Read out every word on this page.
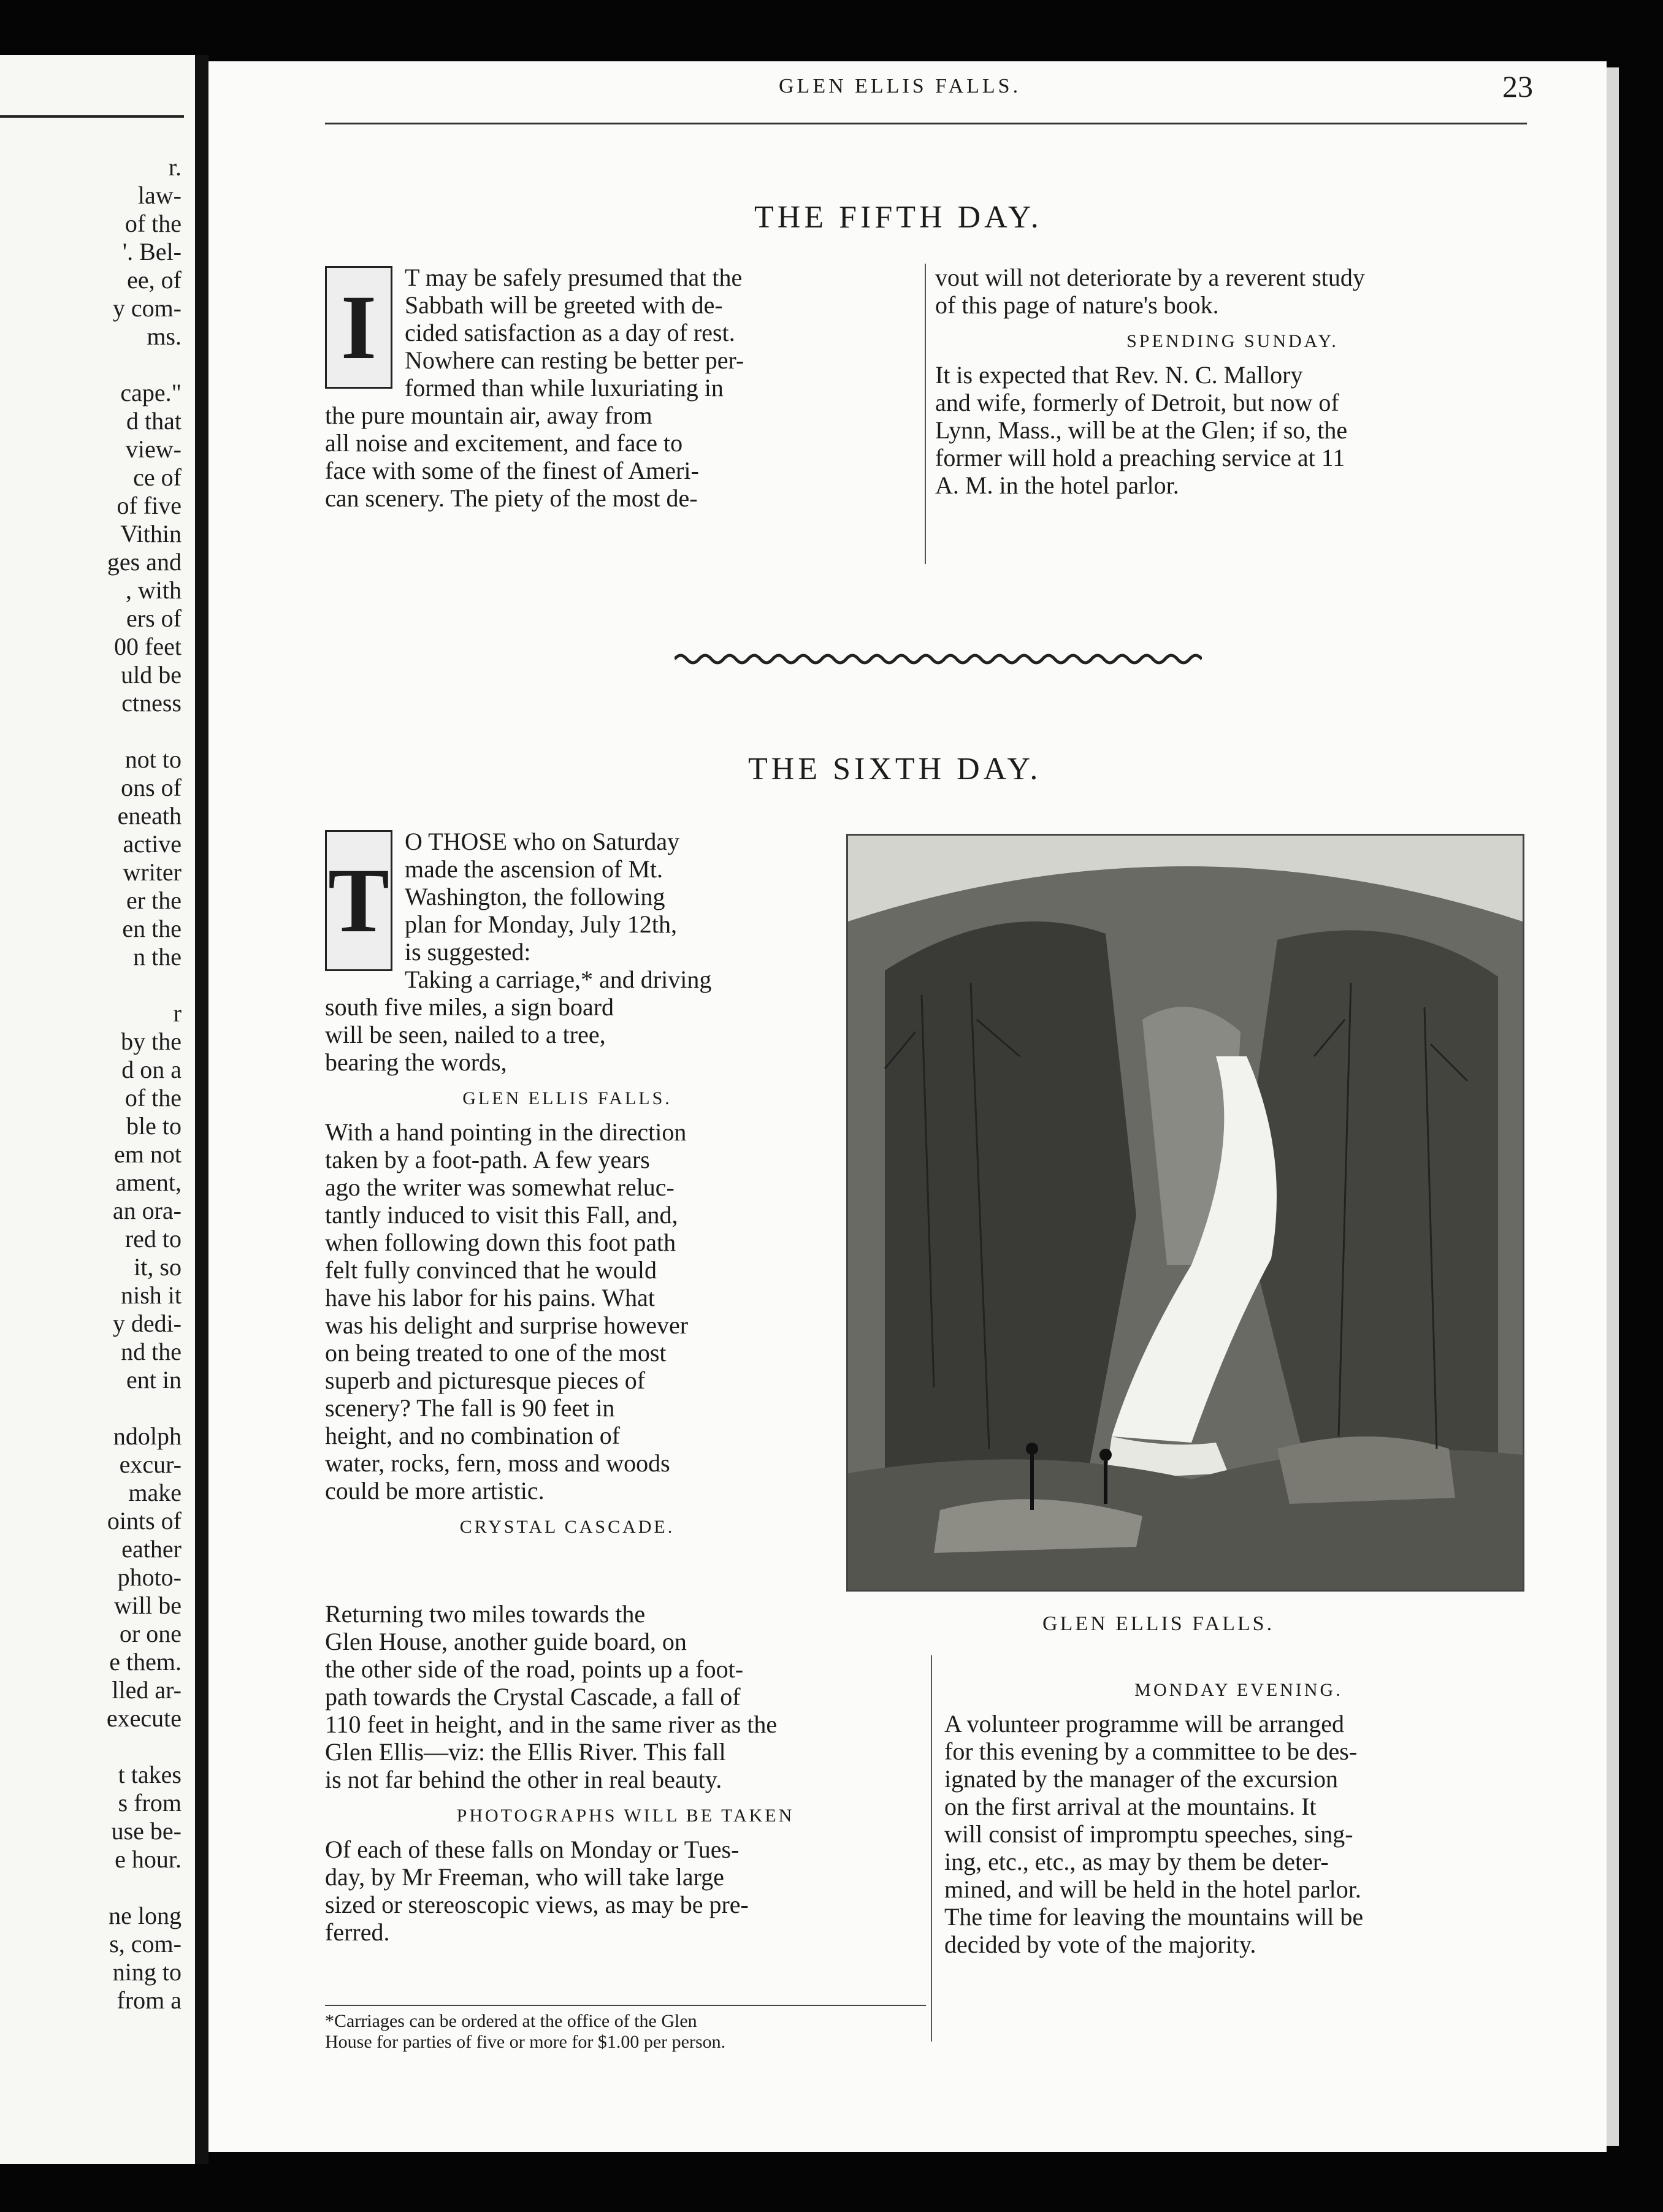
r.
law-
of the
'. Bel-
ee, of
y com-
ms.
cape."
d that
view-
ce of
of five
Vithin
ges and
, with
ers of
00 feet
uld be
ctness
not to
ons of
eneath
active
writer
er the
en the
n the
r
by the
d on a
of the
ble to
em not
ament,
an ora-
red to
it, so
nish it
y dedi-
nd the
ent in
ndolph
excur-
make
oints of
eather
photo-
will be
or one
e them.
lled ar-
execute
t takes
s from
use be-
e hour.
ne long
s, com-
ning to
from a
GLEN ELLIS FALLS.	23
THE FIFTH DAY.
I	T may be safely presumed that the
Sabbath will be greeted with de-
cided satisfaction as a day of rest.
Nowhere can resting be better per-
formed than while luxuriating in
the pure mountain air, away from
all noise and excitement, and face to
face with some of the finest of Ameri-
can scenery. The piety of the most de-
vout will not deteriorate by a reverent study
of this page of nature's book.
SPENDING SUNDAY.
It is expected that Rev. N. C. Mallory
and wife, formerly of Detroit, but now of
Lynn, Mass., will be at the Glen; if so, the
former will hold a preaching service at 11
A. M. in the hotel parlor.
THE SIXTH DAY.
T
O THOSE who on Saturday
made the ascension of Mt.
Washington, the following
plan for Monday, July 12th,
is suggested:
Taking a carriage,* and driving
south five miles, a sign board
will be seen, nailed to a tree,
bearing the words,
GLEN ELLIS FALLS.
With a hand pointing in the direction
taken by a foot-path. A few years
ago the writer was somewhat reluc-
tantly induced to visit this Fall, and,
when following down this foot path
felt fully convinced that he would
have his labor for his pains. What
was his delight and surprise however
on being treated to one of the most
superb and picturesque pieces of
scenery? The fall is 90 feet in
height, and no combination of
water, rocks, fern, moss and woods
could be more artistic.
CRYSTAL CASCADE.
Returning two miles towards the
Glen House, another guide board, on
the other side of the road, points up a foot-
path towards the Crystal Cascade, a fall of
110 feet in height, and in the same river as the
Glen Ellis—viz: the Ellis River. This fall
is not far behind the other in real beauty.
PHOTOGRAPHS WILL BE TAKEN
Of each of these falls on Monday or Tues-
day, by Mr Freeman, who will take large
sized or stereoscopic views, as may be pre-
ferred.
*Carriages can be ordered at the office of the Glen
House for parties of five or more for $1.00 per person.
GLEN ELLIS FALLS.
MONDAY EVENING.
A volunteer programme will be arranged
for this evening by a committee to be des-
ignated by the manager of the excursion
on the first arrival at the mountains. It
will consist of impromptu speeches, sing-
ing, etc., etc., as may by them be deter-
mined, and will be held in the hotel parlor.
The time for leaving the mountains will be
decided by vote of the majority.
